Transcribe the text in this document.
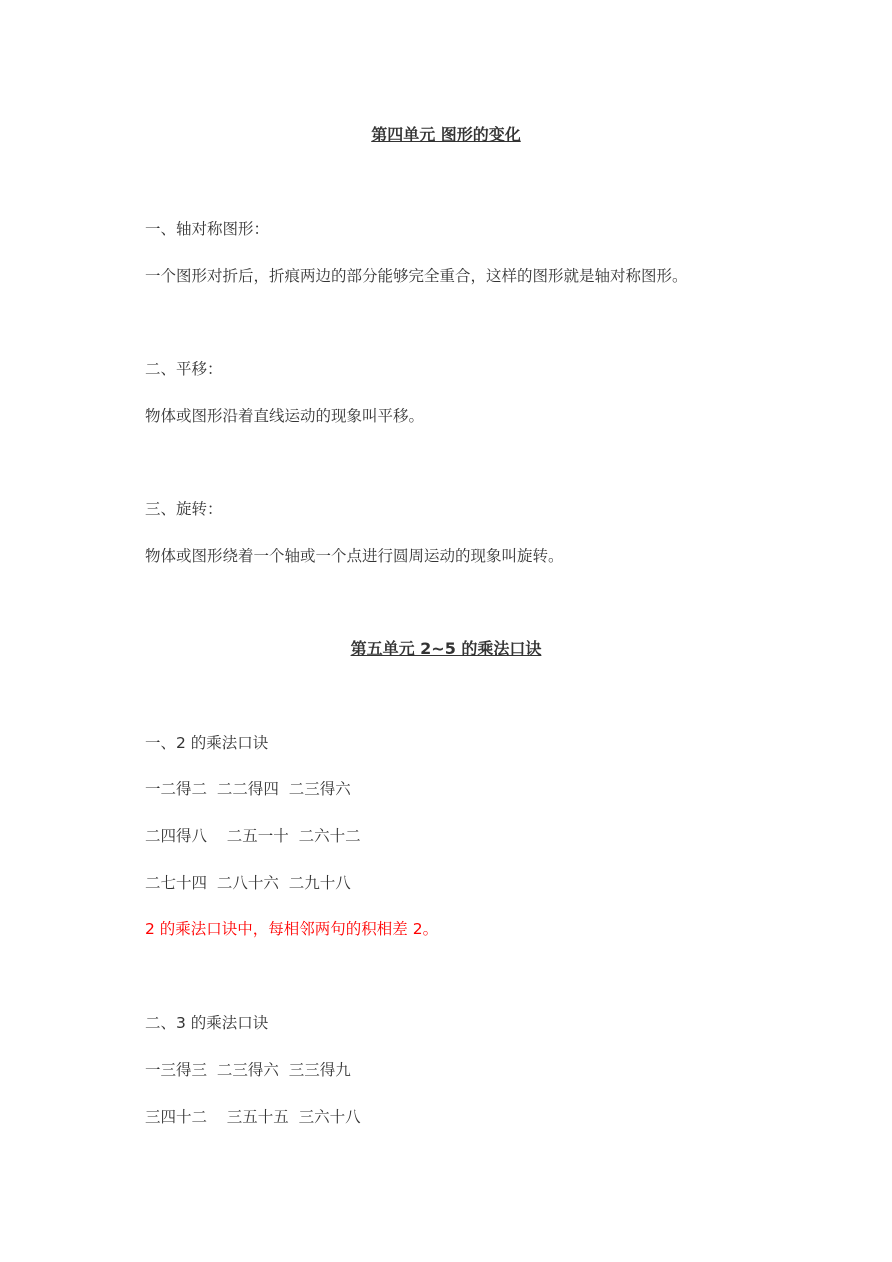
第四单元 图形的变化
一、轴对称图形：
一个图形对折后，折痕两边的部分能够完全重合，这样的图形就是轴对称图形。
二、平移：
物体或图形沿着直线运动的现象叫平移。
三、旋转：
物体或图形绕着一个轴或一个点进行圆周运动的现象叫旋转。
第五单元 2~5 的乘法口诀
一、2 的乘法口诀
一二得二  二二得四  二三得六
二四得八    二五一十  二六十二
二七十四  二八十六  二九十八
2 的乘法口诀中，每相邻两句的积相差 2。
二、3 的乘法口诀
一三得三  二三得六  三三得九
三四十二    三五十五  三六十八
